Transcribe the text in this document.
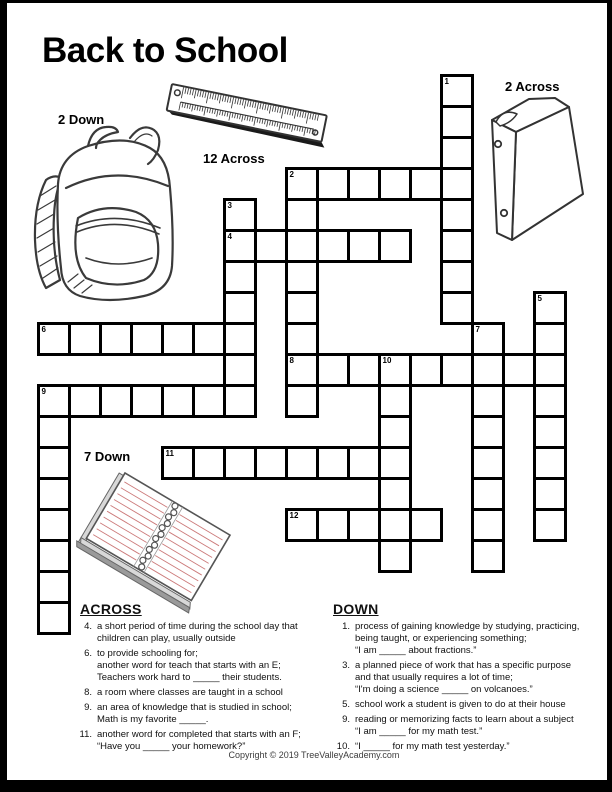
Back to School
2 Down
12 Across
2 Across
7 Down
2
4
6
8	10
9
11
12
1
3
5
7
ACROSS
4. a short period of time during the school day that
children can play, usually outside
6. to provide schooling for;
another word for teach that starts with an E;
Teachers work hard to _____ their students.
8. a room where classes are taught in a school
9. an area of knowledge that is studied in school;
Math is my favorite _____.
11. another word for completed that starts with an F;
“Have you _____ your homework?”
DOWN
1. process of gaining knowledge by studying, practicing,
being taught, or experiencing something;
“I am _____ about fractions.”
3. a planned piece of work that has a specific purpose
and that usually requires a lot of time;
“I'm doing a science _____ on volcanoes.”
5. school work a student is given to do at their house
9. reading or memorizing facts to learn about a subject
“I am _____ for my math test.”
10. “I _____ for my math test yesterday.”
Copyright © 2019 TreeValleyAcademy.com
